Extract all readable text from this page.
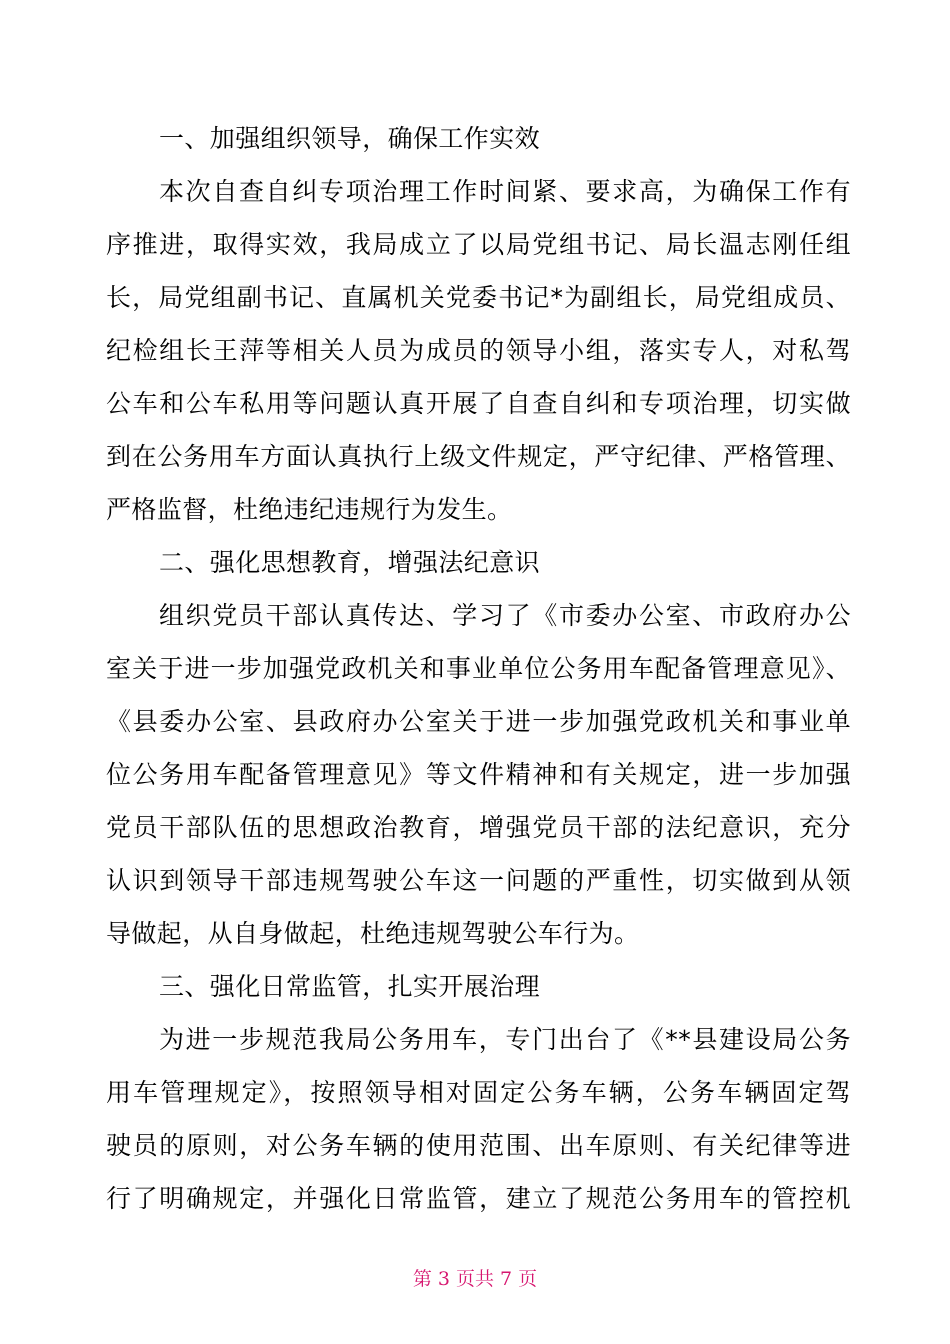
一、加强组织领导，确保工作实效
本次自查自纠专项治理工作时间紧、要求高，为确保工作有
序推进，取得实效，我局成立了以局党组书记、局长温志刚任组
长，局党组副书记、直属机关党委书记*为副组长，局党组成员、
纪检组长王萍等相关人员为成员的领导小组，落实专人，对私驾
公车和公车私用等问题认真开展了自查自纠和专项治理，切实做
到在公务用车方面认真执行上级文件规定，严守纪律、严格管理、
严格监督，杜绝违纪违规行为发生。
二、强化思想教育，增强法纪意识
组织党员干部认真传达、学习了《市委办公室、市政府办公
室关于进一步加强党政机关和事业单位公务用车配备管理意见》、
《县委办公室、县政府办公室关于进一步加强党政机关和事业单
位公务用车配备管理意见》等文件精神和有关规定，进一步加强
党员干部队伍的思想政治教育，增强党员干部的法纪意识，充分
认识到领导干部违规驾驶公车这一问题的严重性，切实做到从领
导做起，从自身做起，杜绝违规驾驶公车行为。
三、强化日常监管，扎实开展治理
为进一步规范我局公务用车，专门出台了《**县建设局公务
用车管理规定》，按照领导相对固定公务车辆，公务车辆固定驾
驶员的原则，对公务车辆的使用范围、出车原则、有关纪律等进
行了明确规定，并强化日常监管，建立了规范公务用车的管控机
第 3 页共 7 页
